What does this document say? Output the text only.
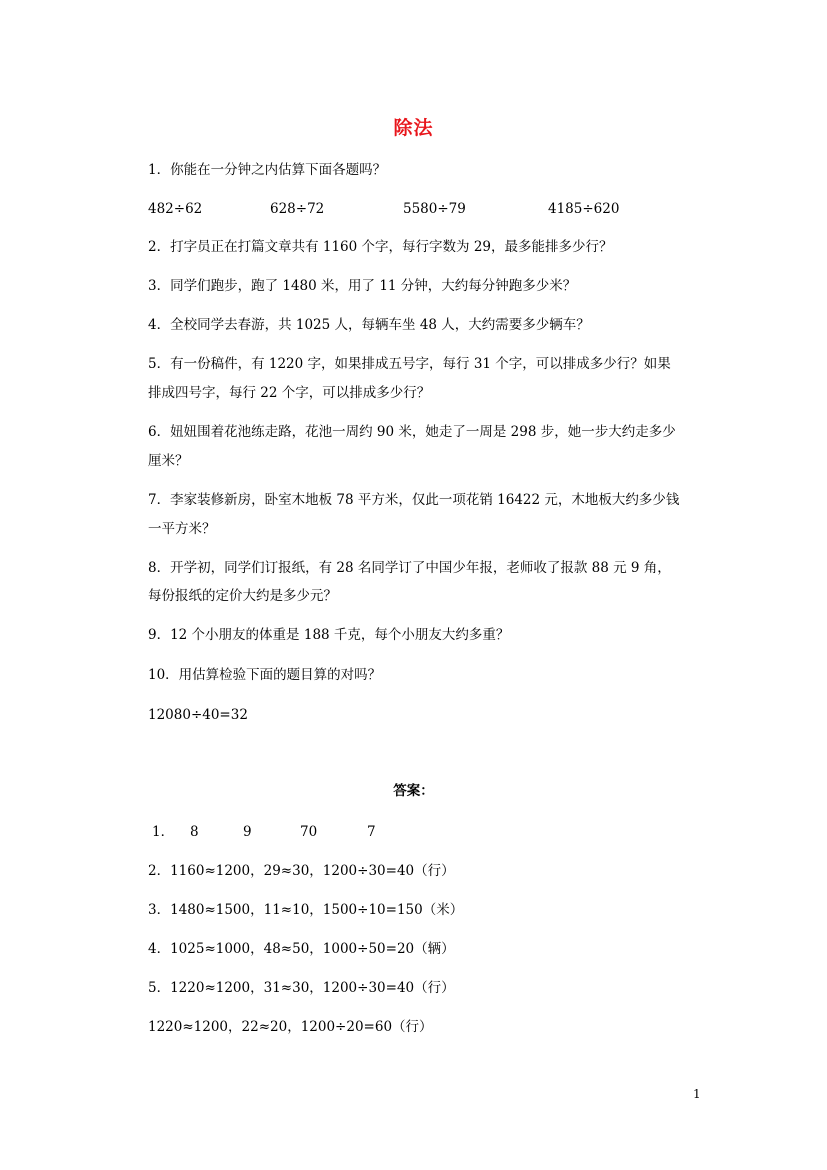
除法
1．你能在一分钟之内估算下面各题吗？
482÷62	628÷72	5580÷79	4185÷620
2．打字员正在打篇文章共有 1160 个字，每行字数为 29，最多能排多少行？
3．同学们跑步，跑了 1480 米，用了 11 分钟，大约每分钟跑多少米？
4．全校同学去春游，共 1025 人，每辆车坐 48 人，大约需要多少辆车？
5．有一份稿件，有 1220 字，如果排成五号字，每行 31 个字，可以排成多少行？如果
排成四号字，每行 22 个字，可以排成多少行？
6．妞妞围着花池练走路，花池一周约 90 米，她走了一周是 298 步，她一步大约走多少
厘米？
7．李家装修新房，卧室木地板 78 平方米，仅此一项花销 16422 元，木地板大约多少钱
一平方米？
8．开学初，同学们订报纸，有 28 名同学订了中国少年报，老师收了报款 88 元 9 角，
每份报纸的定价大约是多少元？
9．12 个小朋友的体重是 188 千克，每个小朋友大约多重？
10．用估算检验下面的题目算的对吗？
12080÷40=32
答案：
1． 8	9	70	7
2．1160≈1200，29≈30，1200÷30=40（行）
3．1480≈1500，11≈10，1500÷10=150（米）
4．1025≈1000，48≈50，1000÷50=20（辆）
5．1220≈1200，31≈30，1200÷30=40（行）
1220≈1200，22≈20，1200÷20=60（行）
1
